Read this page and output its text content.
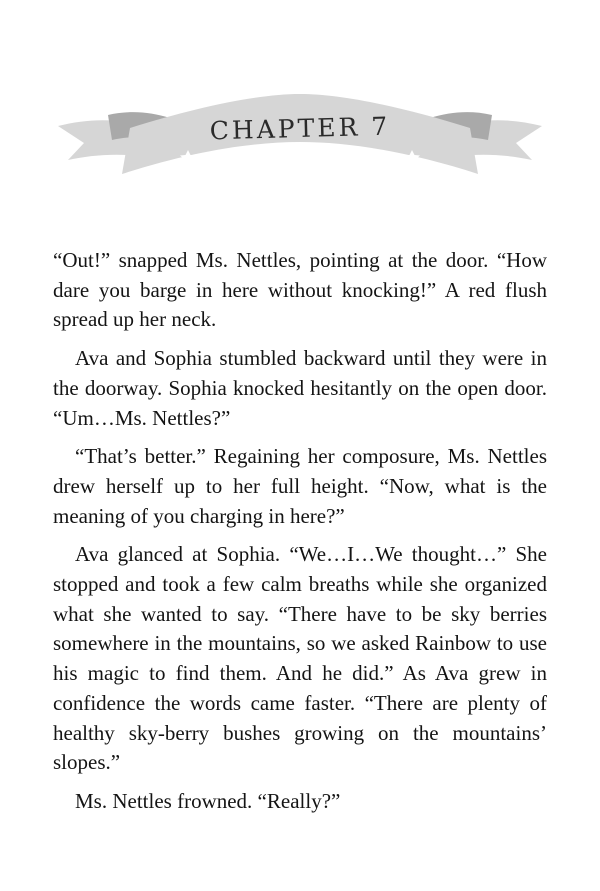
CHAPTER 7

“Out!” snapped Ms. Nettles, pointing at the door. “How dare you barge in here without knocking!” A red flush spread up her neck.

Ava and Sophia stumbled backward until they were in the doorway. Sophia knocked hesitantly on the open door. “Um…Ms. Nettles?”

“That’s better.” Regaining her composure, Ms. Nettles drew herself up to her full height. “Now, what is the meaning of you charging in here?”

Ava glanced at Sophia. “We…I…We thought…” She stopped and took a few calm breaths while she organized what she wanted to say. “There have to be sky berries somewhere in the mountains, so we asked Rainbow to use his magic to find them. And he did.” As Ava grew in confidence the words came faster. “There are plenty of healthy sky-berry bushes growing on the mountains’ slopes.”

Ms. Nettles frowned. “Really?”
